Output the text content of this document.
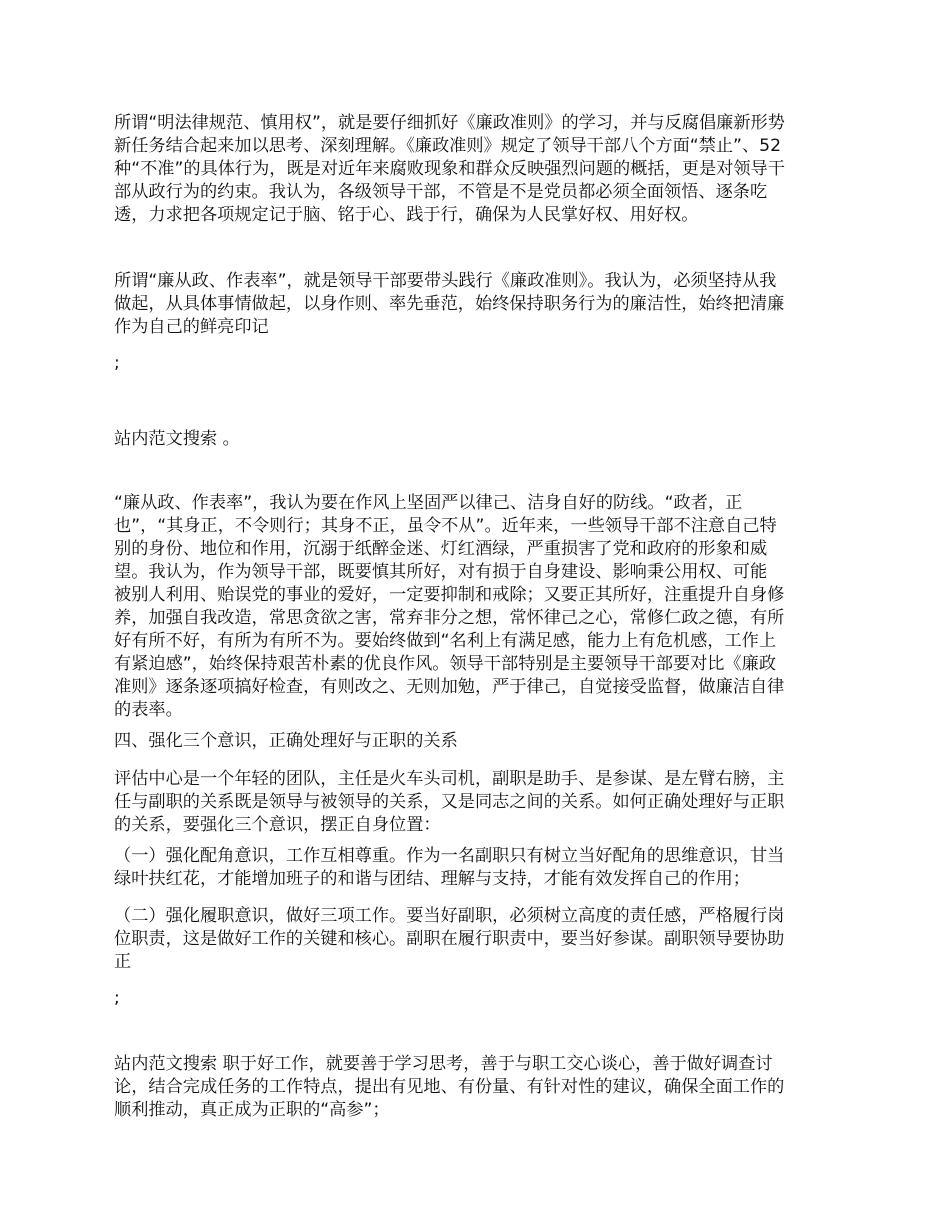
所谓“明法律规范、慎用权”，就是要仔细抓好《廉政准则》的学习，并与反腐倡廉新形势
新任务结合起来加以思考、深刻理解。《廉政准则》规定了领导干部八个方面“禁止”、52
种“不准”的具体行为，既是对近年来腐败现象和群众反映强烈问题的概括，更是对领导干
部从政行为的约束。我认为，各级领导干部，不管是不是党员都必须全面领悟、逐条吃
透，力求把各项规定记于脑、铭于心、践于行，确保为人民掌好权、用好权。
所谓“廉从政、作表率”，就是领导干部要带头践行《廉政准则》。我认为，必须坚持从我
做起，从具体事情做起，以身作则、率先垂范，始终保持职务行为的廉洁性，始终把清廉
作为自己的鲜亮印记
;
站内范文搜索 。
“廉从政、作表率”，我认为要在作风上坚固严以律己、洁身自好的防线。“政者，正
也”，“其身正，不令则行；其身不正，虽令不从”。近年来，一些领导干部不注意自己特
别的身份、地位和作用，沉溺于纸醉金迷、灯红酒绿，严重损害了党和政府的形象和威
望。我认为，作为领导干部，既要慎其所好，对有损于自身建设、影响秉公用权、可能
被别人利用、贻误党的事业的爱好，一定要抑制和戒除；又要正其所好，注重提升自身修
养，加强自我改造，常思贪欲之害，常弃非分之想，常怀律己之心，常修仁政之德，有所
好有所不好，有所为有所不为。要始终做到“名利上有满足感，能力上有危机感，工作上
有紧迫感”，始终保持艰苦朴素的优良作风。领导干部特别是主要领导干部要对比《廉政
准则》逐条逐项搞好检查，有则改之、无则加勉，严于律己，自觉接受监督，做廉洁自律
的表率。
四、强化三个意识，正确处理好与正职的关系
评估中心是一个年轻的团队，主任是火车头司机，副职是助手、是参谋、是左臂右膀，主
任与副职的关系既是领导与被领导的关系，又是同志之间的关系。如何正确处理好与正职
的关系，要强化三个意识，摆正自身位置：
（一）强化配角意识，工作互相尊重。作为一名副职只有树立当好配角的思维意识，甘当
绿叶扶红花，才能增加班子的和谐与团结、理解与支持，才能有效发挥自己的作用；
（二）强化履职意识，做好三项工作。要当好副职，必须树立高度的责任感，严格履行岗
位职责，这是做好工作的关键和核心。副职在履行职责中，要当好参谋。副职领导要协助
正
;
站内范文搜索 职于好工作，就要善于学习思考，善于与职工交心谈心，善于做好调查讨
论，结合完成任务的工作特点，提出有见地、有份量、有针对性的建议，确保全面工作的
顺利推动，真正成为正职的“高参”；
